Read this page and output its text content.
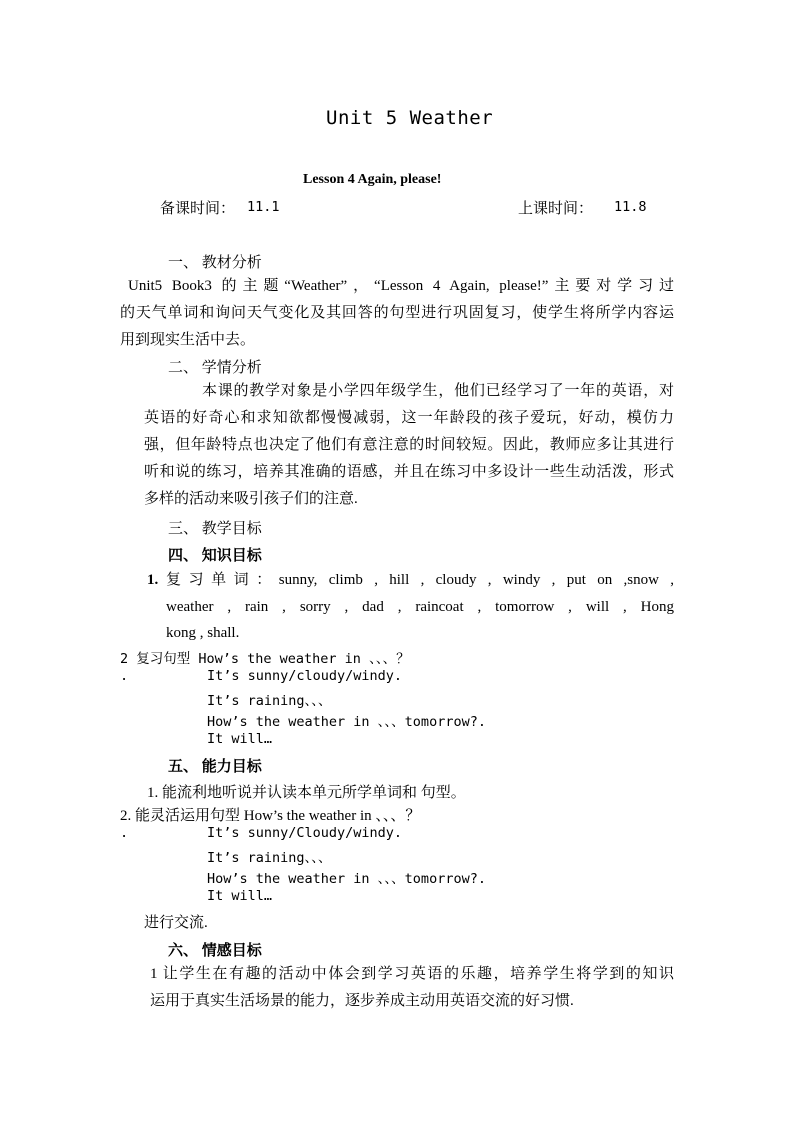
Unit 5 Weather
Lesson 4 Again, please!
备课时间： 11.1	上课时间： 11.8
一、 教材分析
Unit5 Book3 的主题“Weather”，“Lesson 4 Again, please!”主要对学习过
的天气单词和询问天气变化及其回答的句型进行巩固复习，使学生将所学内容运
用到现实生活中去。
二、 学情分析
本课的教学对象是小学四年级学生，他们已经学习了一年的英语，对
英语的好奇心和求知欲都慢慢减弱，这一年龄段的孩子爱玩，好动，模仿力
强，但年龄特点也决定了他们有意注意的时间较短。因此，教师应多让其进行
听和说的练习，培养其准确的语感，并且在练习中多设计一些生动活泼，形式
多样的活动来吸引孩子们的注意.
三、 教学目标
四、 知识目标
1. 复习单词：sunny, climb , hill , cloudy , windy , put on ,snow ,
weather , rain , sorry , dad , raincoat , tomorrow , will , Hong
kong , shall.
2 复习句型 How’s the weather in 、、、？
.	It’s sunny/cloudy/windy.
It’s raining、、、
How’s the weather in 、、、tomorrow?.
It will…
五、 能力目标
1. 能流利地听说并认读本单元所学单词和 句型。
2. 能灵活运用句型 How’s the weather in 、、、？
.	It’s sunny/Cloudy/windy.
It’s raining、、、
How’s the weather in 、、、tomorrow?.
It will…
进行交流.
六、 情感目标
1 让学生在有趣的活动中体会到学习英语的乐趣，培养学生将学到的知识
运用于真实生活场景的能力，逐步养成主动用英语交流的好习惯.
